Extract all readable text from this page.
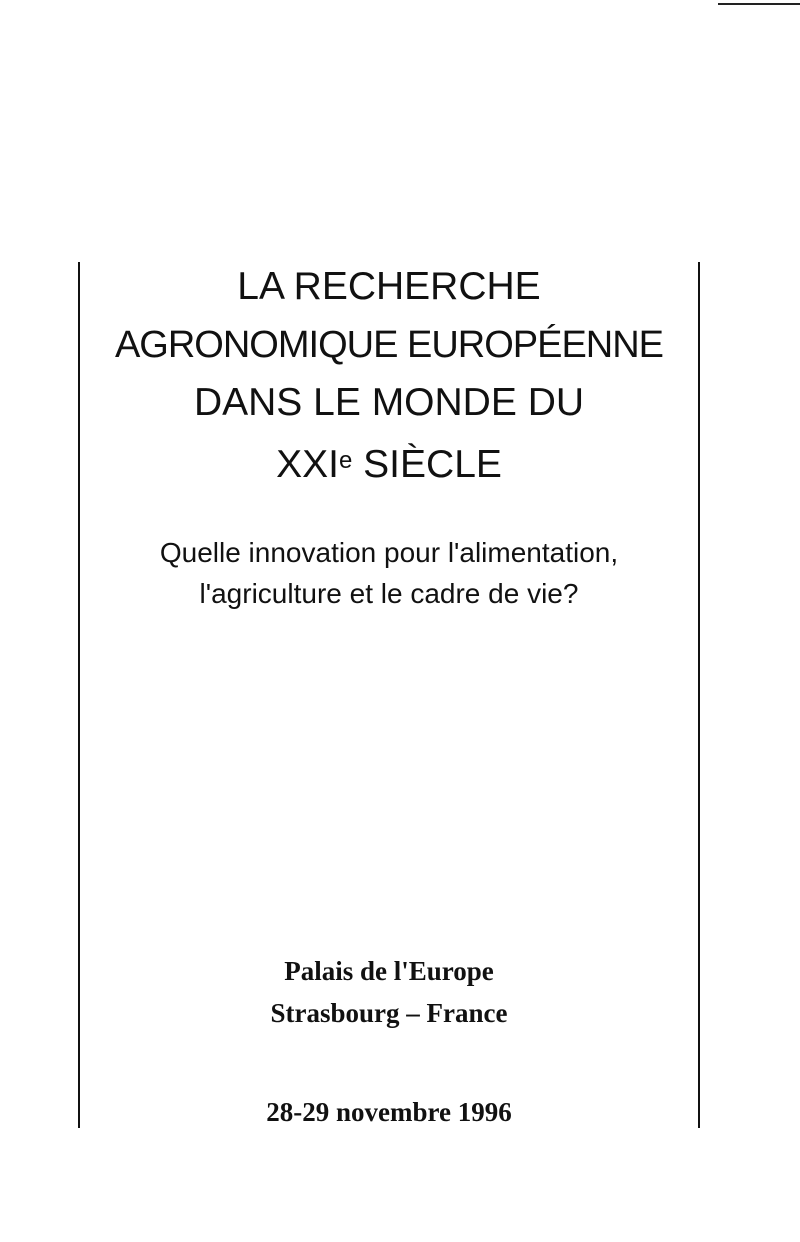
LA RECHERCHE
AGRONOMIQUE EUROPÉENNE
DANS LE MONDE DU
XXIe SIÈCLE
Quelle innovation pour l'alimentation,
l'agriculture et le cadre de vie?
Palais de l'Europe
Strasbourg – France
28-29 novembre 1996
